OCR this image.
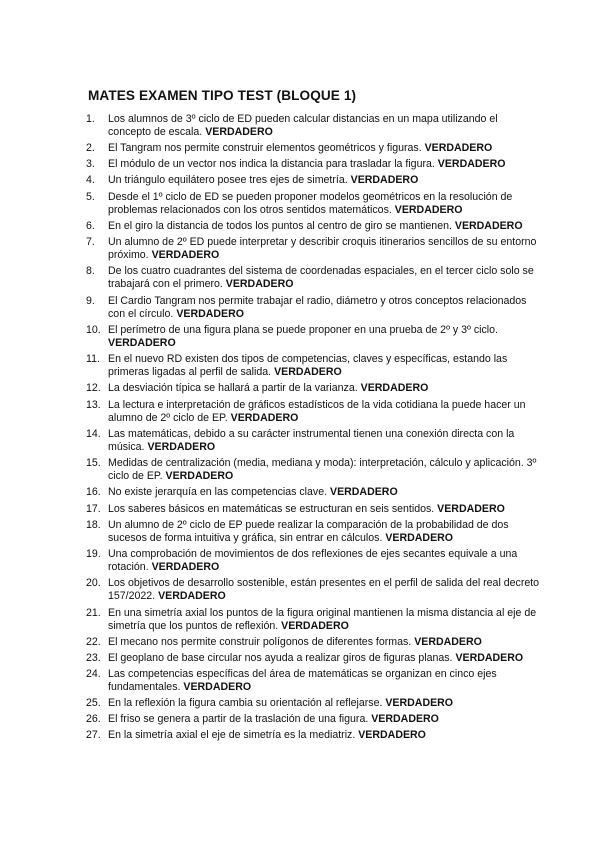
MATES EXAMEN TIPO TEST (BLOQUE 1)
1. Los alumnos de 3º ciclo de ED pueden calcular distancias en un mapa utilizando el concepto de escala. VERDADERO
2. El Tangram nos permite construir elementos geométricos y figuras. VERDADERO
3. El módulo de un vector nos indica la distancia para trasladar la figura. VERDADERO
4. Un triángulo equilátero posee tres ejes de simetría. VERDADERO
5. Desde el 1º ciclo de ED se pueden proponer modelos geométricos en la resolución de problemas relacionados con los otros sentidos matemáticos. VERDADERO
6. En el giro la distancia de todos los puntos al centro de giro se mantienen. VERDADERO
7. Un alumno de 2º ED puede interpretar y describir croquis itinerarios sencillos de su entorno próximo. VERDADERO
8. De los cuatro cuadrantes del sistema de coordenadas espaciales, en el tercer ciclo solo se trabajará con el primero. VERDADERO
9. El Cardio Tangram nos permite trabajar el radio, diámetro y otros conceptos relacionados con el círculo. VERDADERO
10. El perímetro de una figura plana se puede proponer en una prueba de 2º y 3º ciclo. VERDADERO
11. En el nuevo RD existen dos tipos de competencias, claves y específicas, estando las primeras ligadas al perfil de salida. VERDADERO
12. La desviación típica se hallará a partir de la varianza. VERDADERO
13. La lectura e interpretación de gráficos estadísticos de la vida cotidiana la puede hacer un alumno de 2º ciclo de EP. VERDADERO
14. Las matemáticas, debido a su carácter instrumental tienen una conexión directa con la música. VERDADERO
15. Medidas de centralización (media, mediana y moda): interpretación, cálculo y aplicación. 3º ciclo de EP. VERDADERO
16. No existe jerarquía en las competencias clave. VERDADERO
17. Los saberes básicos en matemáticas se estructuran en seis sentidos. VERDADERO
18. Un alumno de 2º ciclo de EP puede realizar la comparación de la probabilidad de dos sucesos de forma intuitiva y gráfica, sin entrar en cálculos. VERDADERO
19. Una comprobación de movimientos de dos reflexiones de ejes secantes equivale a una rotación. VERDADERO
20. Los objetivos de desarrollo sostenible, están presentes en el perfil de salida del real decreto 157/2022. VERDADERO
21. En una simetría axial los puntos de la figura original mantienen la misma distancia al eje de simetría que los puntos de reflexión. VERDADERO
22. El mecano nos permite construir polígonos de diferentes formas. VERDADERO
23. El geoplano de base circular nos ayuda a realizar giros de figuras planas. VERDADERO
24. Las competencias específicas del área de matemáticas se organizan en cinco ejes fundamentales. VERDADERO
25. En la reflexión la figura cambia su orientación al reflejarse. VERDADERO
26. El friso se genera a partir de la traslación de una figura. VERDADERO
27. En la simetría axial el eje de simetría es la mediatriz. VERDADERO
